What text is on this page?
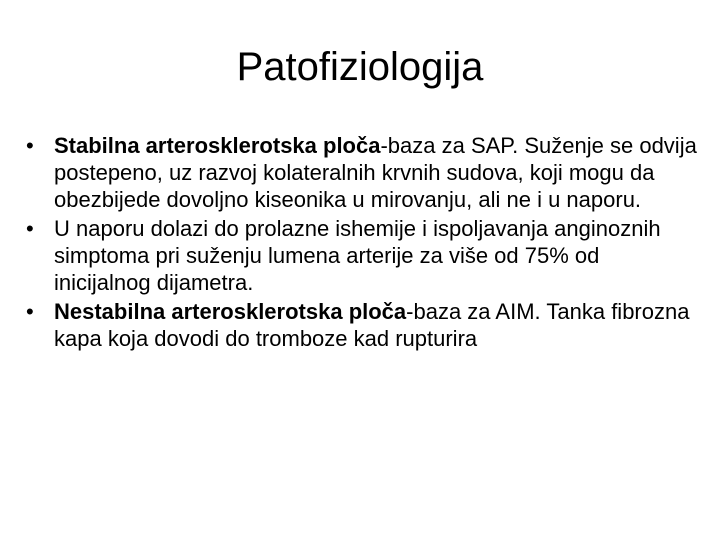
Patofiziologija
• Stabilna arterosklerotska ploča-baza za SAP. Suženje se odvija postepeno, uz razvoj kolateralnih krvnih sudova, koji mogu da obezbijede dovoljno kiseonika u mirovanju, ali ne i u naporu.
• U naporu dolazi do prolazne ishemije i ispoljavanja anginoznih simptoma pri suženju lumena arterije za više od 75% od inicijalnog dijametra.
• Nestabilna arterosklerotska ploča-baza za AIM. Tanka fibrozna kapa koja dovodi do tromboze kad rupturira
